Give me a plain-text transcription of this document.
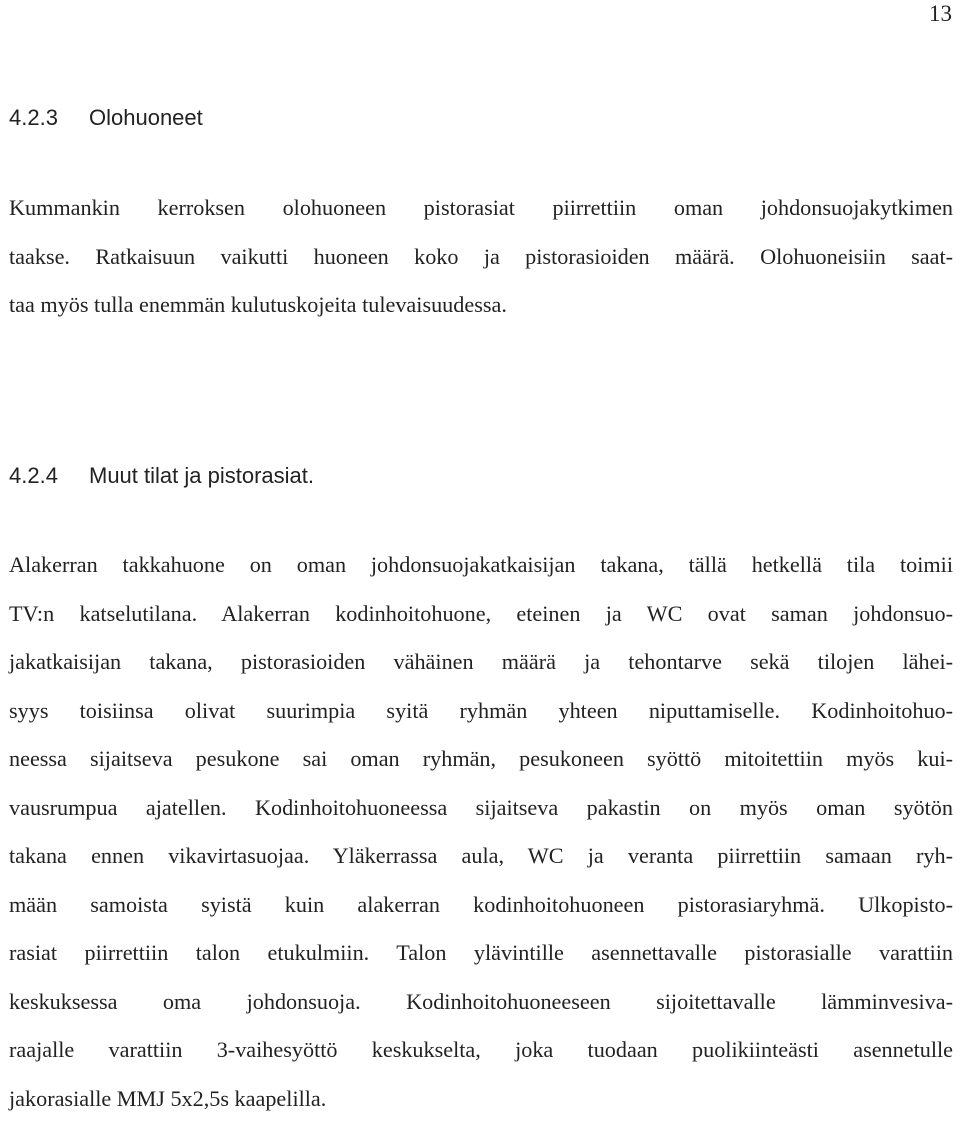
13
4.2.3 Olohuoneet
Kummankin kerroksen olohuoneen pistorasiat piirrettiin oman johdonsuojakytkimen
taakse. Ratkaisuun vaikutti huoneen koko ja pistorasioiden määrä. Olohuoneisiin saat-
taa myös tulla enemmän kulutuskojeita tulevaisuudessa.
4.2.4 Muut tilat ja pistorasiat.
Alakerran takkahuone on oman johdonsuojakatkaisijan takana, tällä hetkellä tila toimii
TV:n katselutilana. Alakerran kodinhoitohuone, eteinen ja WC ovat saman johdonsuo-
jakatkaisijan takana, pistorasioiden vähäinen määrä ja tehontarve sekä tilojen lähei-
syys toisiinsa olivat suurimpia syitä ryhmän yhteen niputtamiselle. Kodinhoitohuo-
neessa sijaitseva pesukone sai oman ryhmän, pesukoneen syöttö mitoitettiin myös kui-
vausrumpua ajatellen. Kodinhoitohuoneessa sijaitseva pakastin on myös oman syötön
takana ennen vikavirtasuojaa. Yläkerrassa aula, WC ja veranta piirrettiin samaan ryh-
mään samoista syistä kuin alakerran kodinhoitohuoneen pistorasiaryhmä. Ulkopisto-
rasiat piirrettiin talon etukulmiin. Talon ylävintille asennettavalle pistorasialle varattiin
keskuksessa oma johdonsuoja. Kodinhoitohuoneeseen sijoitettavalle lämminvesiva-
raajalle varattiin 3-vaihesyöttö keskukselta, joka tuodaan puolikiinteästi asennetulle
jakorasialle MMJ 5x2,5s kaapelilla.
